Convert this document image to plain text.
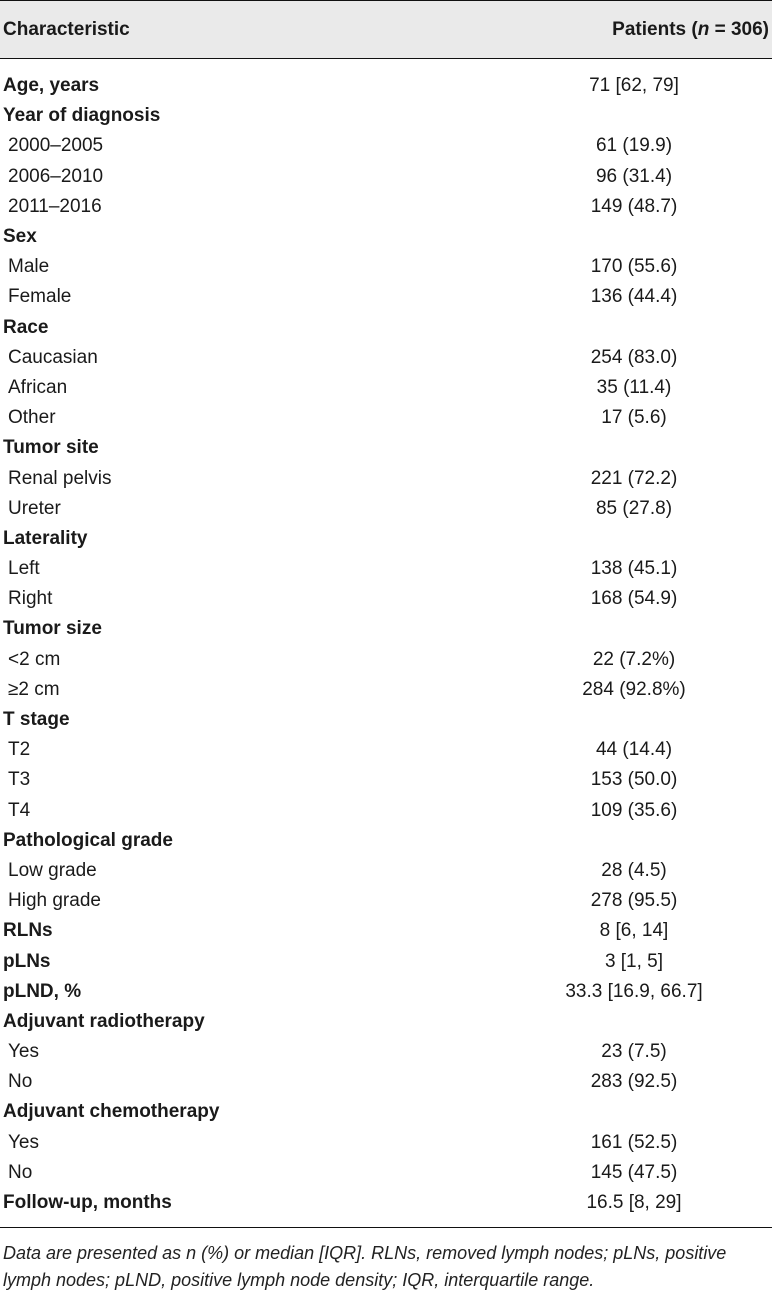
Characteristic	Patients (n = 306)
Age, years	71 [62, 79]
Year of diagnosis
2000–2005	61 (19.9)
2006–2010	96 (31.4)
2011–2016	149 (48.7)
Sex
Male	170 (55.6)
Female	136 (44.4)
Race
Caucasian	254 (83.0)
African	35 (11.4)
Other	17 (5.6)
Tumor site
Renal pelvis	221 (72.2)
Ureter	85 (27.8)
Laterality
Left	138 (45.1)
Right	168 (54.9)
Tumor size
<2 cm	22 (7.2%)
≥2 cm	284 (92.8%)
T stage
T2	44 (14.4)
T3	153 (50.0)
T4	109 (35.6)
Pathological grade
Low grade	28 (4.5)
High grade	278 (95.5)
RLNs	8 [6, 14]
pLNs	3 [1, 5]
pLND, %	33.3 [16.9, 66.7]
Adjuvant radiotherapy
Yes	23 (7.5)
No	283 (92.5)
Adjuvant chemotherapy
Yes	161 (52.5)
No	145 (47.5)
Follow-up, months	16.5 [8, 29]
Data are presented as n (%) or median [IQR]. RLNs, removed lymph nodes; pLNs, positive lymph nodes; pLND, positive lymph node density; IQR, interquartile range.
